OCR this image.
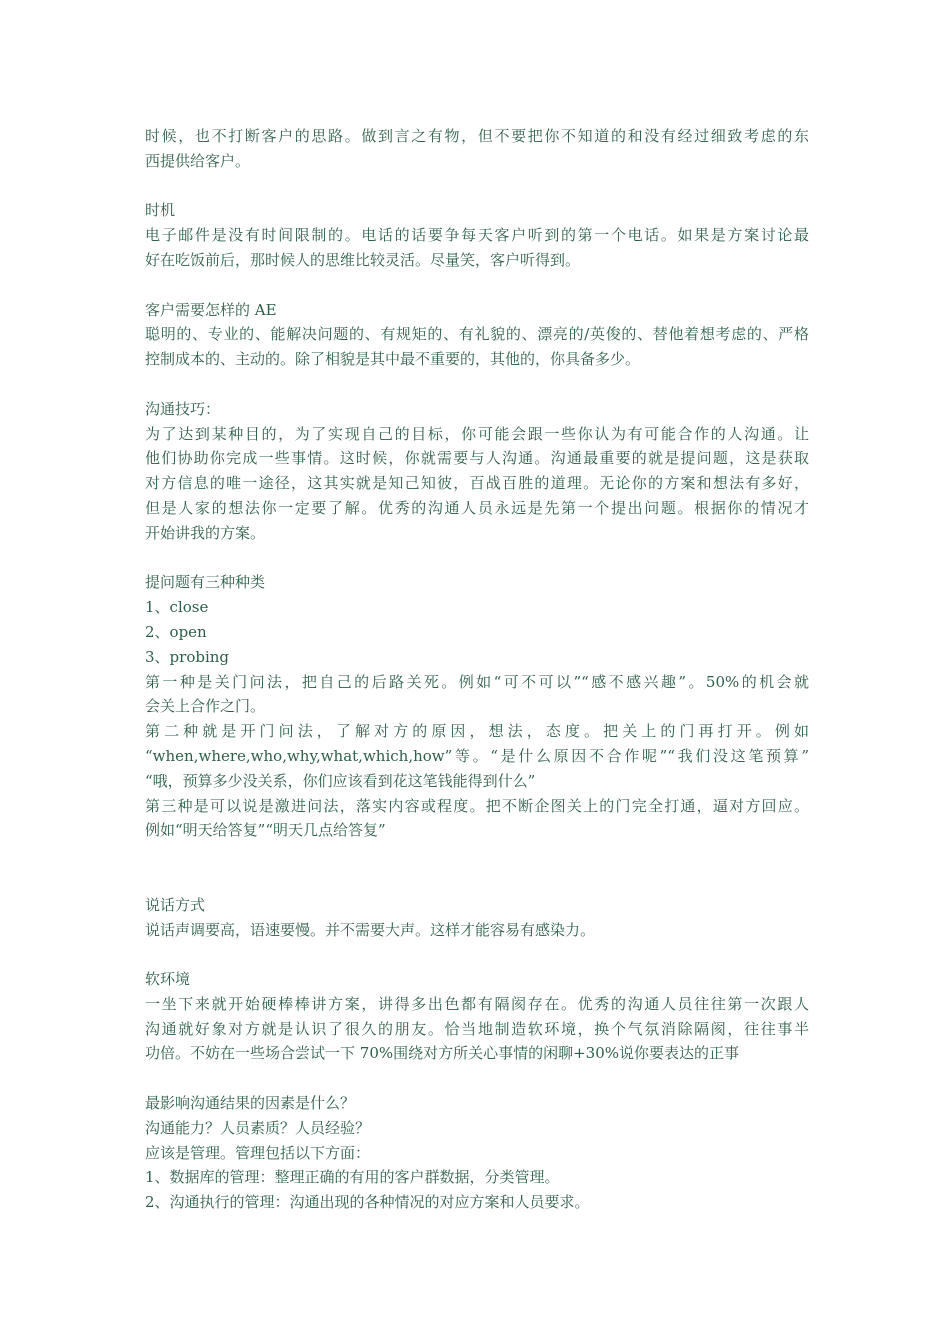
时候，也不打断客户的思路。做到言之有物，但不要把你不知道的和没有经过细致考虑的东
西提供给客户。
时机
电子邮件是没有时间限制的。电话的话要争每天客户听到的第一个电话。如果是方案讨论最
好在吃饭前后，那时候人的思维比较灵活。尽量笑，客户听得到。
客户需要怎样的 AE
聪明的、专业的、能解决问题的、有规矩的、有礼貌的、漂亮的/英俊的、替他着想考虑的、严格
控制成本的、主动的。除了相貌是其中最不重要的，其他的，你具备多少。
沟通技巧：
为了达到某种目的，为了实现自己的目标，你可能会跟一些你认为有可能合作的人沟通。让
他们协助你完成一些事情。这时候，你就需要与人沟通。沟通最重要的就是提问题，这是获取
对方信息的唯一途径，这其实就是知己知彼，百战百胜的道理。无论你的方案和想法有多好，
但是人家的想法你一定要了解。优秀的沟通人员永远是先第一个提出问题。根据你的情况才
开始讲我的方案。
提问题有三种种类
1、close
2、open
3、probing
第一种是关门问法，把自己的后路关死。例如“可不可以”“感不感兴趣”。50%的机会就
会关上合作之门。
第二种就是开门问法，了解对方的原因，想法，态度。把关上的门再打开。例如
“when,where,who,why,what,which,how”等。“是什么原因不合作呢”“我们没这笔预算”
“哦，预算多少没关系，你们应该看到花这笔钱能得到什么”
第三种是可以说是激进问法，落实内容或程度。把不断企图关上的门完全打通，逼对方回应。
例如“明天给答复”“明天几点给答复”
说话方式
说话声调要高，语速要慢。并不需要大声。这样才能容易有感染力。
软环境
一坐下来就开始硬棒棒讲方案，讲得多出色都有隔阂存在。优秀的沟通人员往往第一次跟人
沟通就好象对方就是认识了很久的朋友。恰当地制造软环境，换个气氛消除隔阂，往往事半
功倍。不妨在一些场合尝试一下 70%围绕对方所关心事情的闲聊+30%说你要表达的正事
最影响沟通结果的因素是什么？
沟通能力？人员素质？人员经验？
应该是管理。管理包括以下方面：
1、数据库的管理：整理正确的有用的客户群数据，分类管理。
2、沟通执行的管理：沟通出现的各种情况的对应方案和人员要求。
